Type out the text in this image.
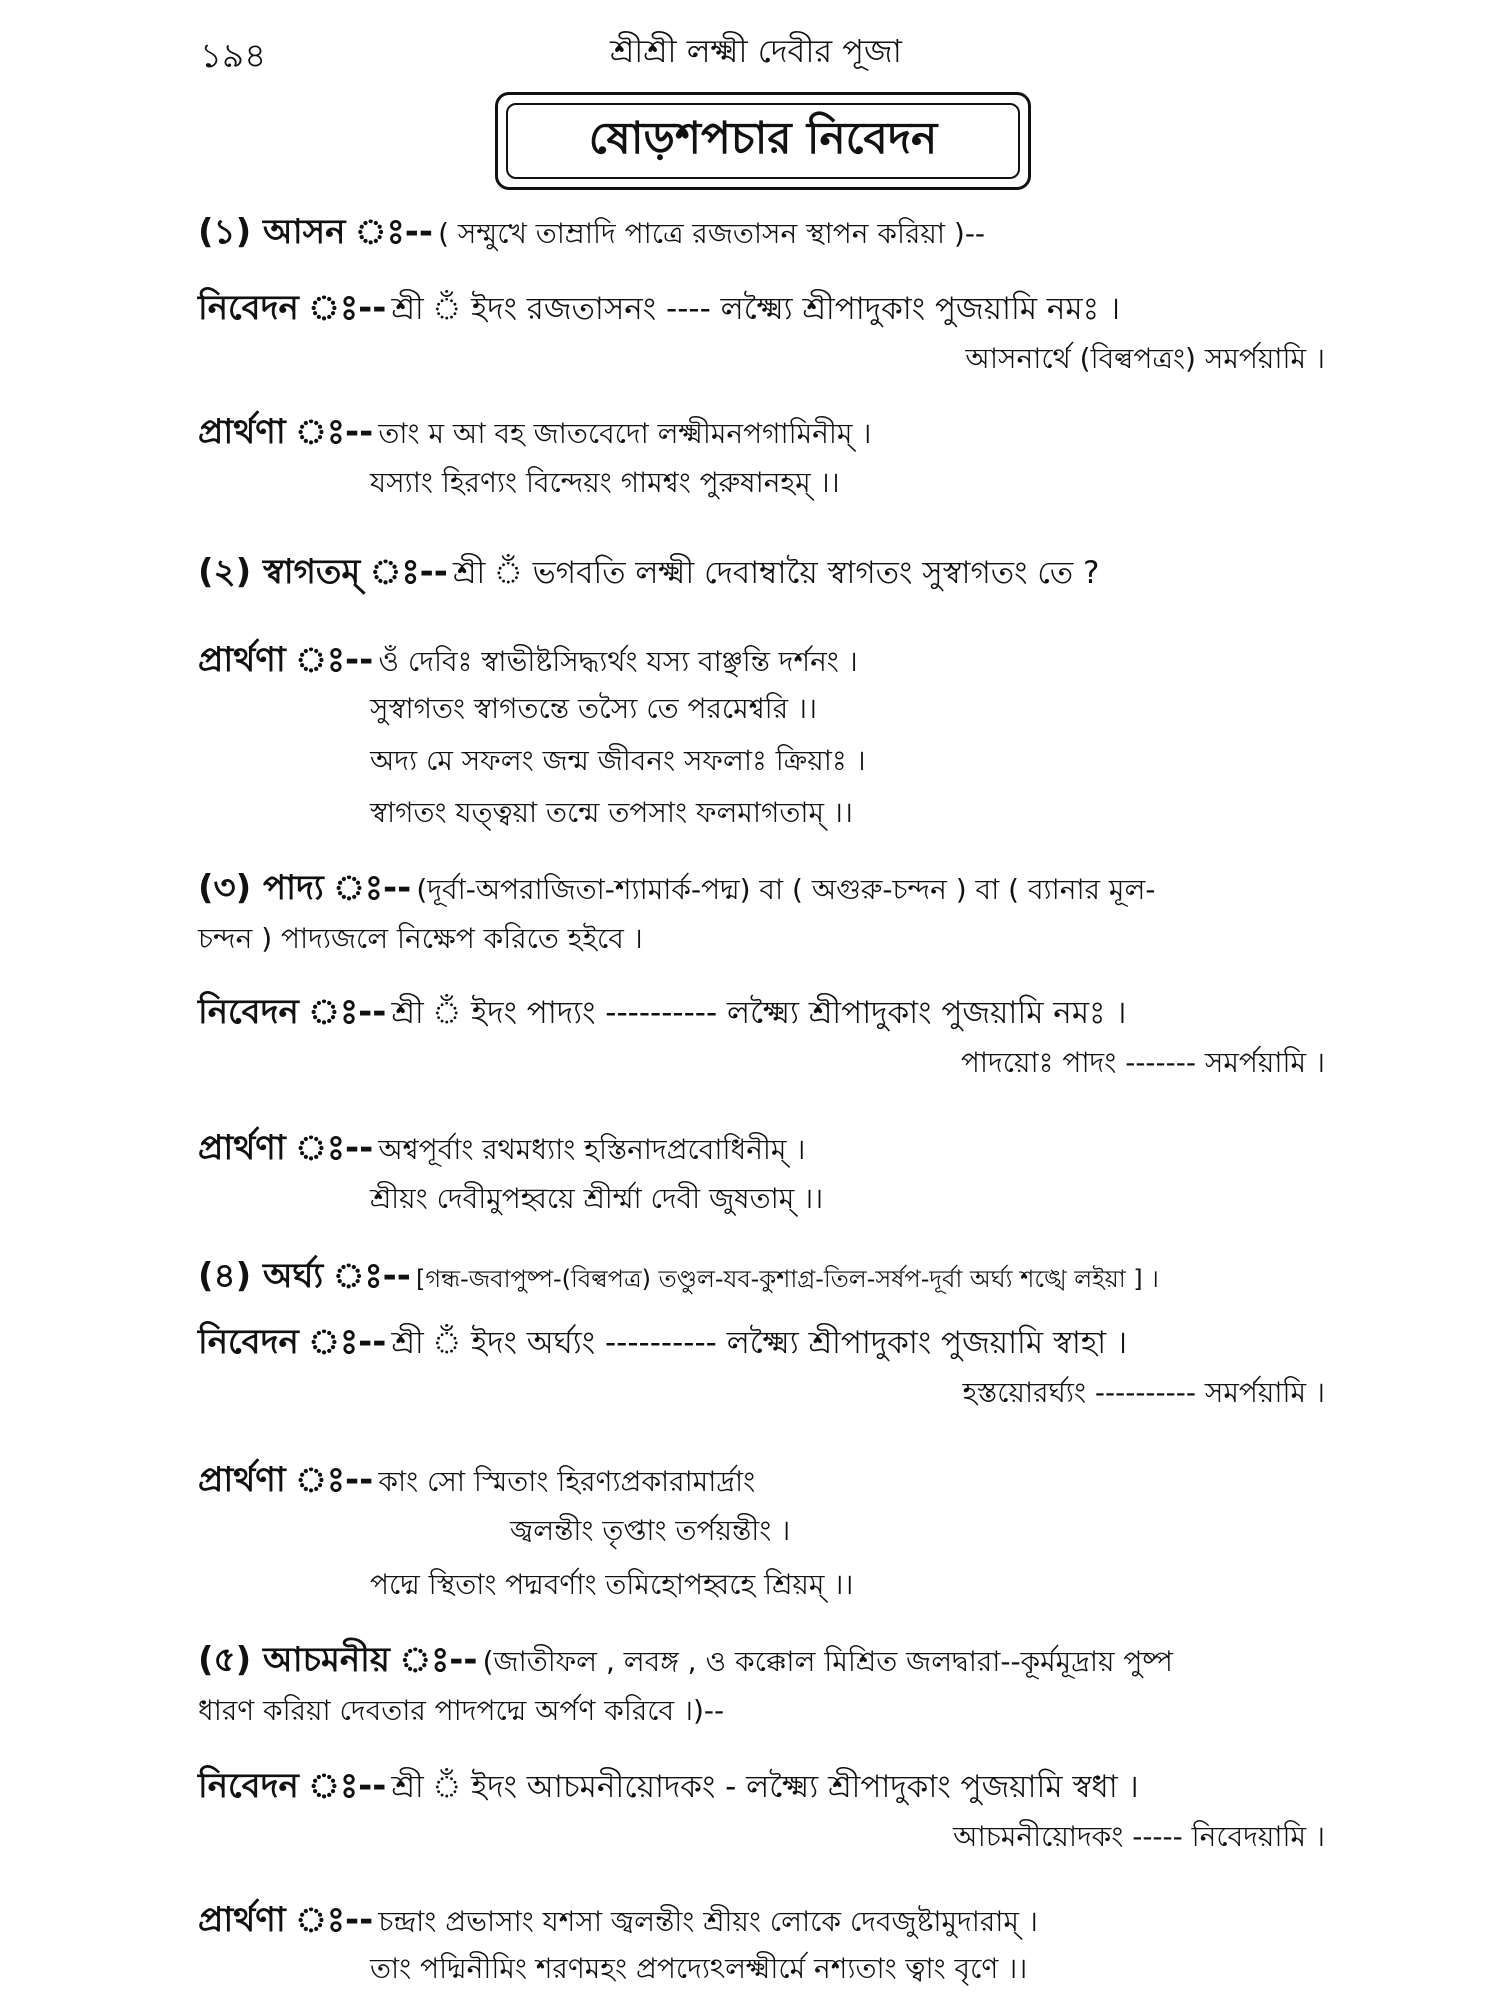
১৯৪	শ্রীশ্রী লক্ষ্মী দেবীর পূজা
ষোড়শপচার নিবেদন
(১) আসন ঃ-- ( সম্মুখে তাম্রাদি পাত্রে রজতাসন স্থাপন করিয়া )--
নিবেদন ঃ-- শ্রী ঁ ইদং রজতাসনং ---- লক্ষ্ম্যৈ শ্রীপাদুকাং পুজয়ামি নমঃ ।
আসনার্থে (বিল্বপত্রং) সমর্পয়ামি ।
প্রার্থণা ঃ-- তাং ম আ বহ জাতবেদো লক্ষ্মীমনপগামিনীম্ ।
যস্যাং হিরণ্যং বিন্দেয়ং গামশ্বং পুরুষানহম্ ।।
(২) স্বাগতম্ ঃ-- শ্রী ঁ ভগবতি লক্ষ্মী দেবাম্বায়ৈ স্বাগতং সুস্বাগতং তে ?
প্রার্থণা ঃ-- ওঁ দেবিঃ স্বাভীষ্টসিদ্ধ্যর্থং যস্য বাঞ্ছন্তি দর্শনং ।
সুস্বাগতং স্বাগতন্তে তস্যৈ তে পরমেশ্বরি ।।
অদ্য মে সফলং জন্ম জীবনং সফলাঃ ক্রিয়াঃ ।
স্বাগতং যত্ত্বয়া তন্মে তপসাং ফলমাগতাম্ ।।
(৩) পাদ্য ঃ-- (দূর্বা-অপরাজিতা-শ্যামার্ক-পদ্ম) বা ( অগুরু-চন্দন ) বা ( ব্যানার মূল-
চন্দন ) পাদ্যজলে নিক্ষেপ করিতে হইবে ।
নিবেদন ঃ-- শ্রী ঁ ইদং পাদ্যং ---------- লক্ষ্ম্যৈ শ্রীপাদুকাং পুজয়ামি নমঃ ।
পাদয়োঃ পাদং ------- সমর্পয়ামি ।
প্রার্থণা ঃ-- অশ্বপূর্বাং রথমধ্যাং হস্তিনাদপ্রবোধিনীম্ ।
শ্রীয়ং দেবীমুপহ্বয়ে শ্রীর্ম্মা দেবী জুষতাম্ ।।
(৪) অর্ঘ্য ঃ-- [গন্ধ-জবাপুষ্প-(বিল্বপত্র) তণ্ডুল-যব-কুশাগ্র-তিল-সর্ষপ-দূর্বা অর্ঘ্য শঙ্খে লইয়া ] ।
নিবেদন ঃ-- শ্রী ঁ ইদং অর্ঘ্যং ---------- লক্ষ্ম্যৈ শ্রীপাদুকাং পুজয়ামি স্বাহা ।
হস্তয়োরর্ঘ্যং ---------- সমর্পয়ামি ।
প্রার্থণা ঃ-- কাং সো স্মিতাং হিরণ্যপ্রকারামার্দ্রাং
জ্বলন্তীং তৃপ্তাং তর্পয়ন্তীং ।
পদ্মে স্থিতাং পদ্মবর্ণাং তমিহোপহ্বহে শ্রিয়ম্ ।।
(৫) আচমনীয় ঃ-- (জাতীফল , লবঙ্গ , ও কক্কোল মিশ্রিত জলদ্বারা--কূর্মমূদ্রায় পুষ্প
ধারণ করিয়া দেবতার পাদপদ্মে অর্পণ করিবে ।)--
নিবেদন ঃ-- শ্রী ঁ ইদং আচমনীয়োদকং - লক্ষ্ম্যৈ শ্রীপাদুকাং পুজয়ামি স্বধা ।
আচমনীয়োদকং ----- নিবেদয়ামি ।
প্রার্থণা ঃ-- চন্দ্রাং প্রভাসাং যশসা জ্বলন্তীং শ্রীয়ং লোকে দেবজুষ্টামুদারাম্ ।
তাং পদ্মিনীমিং শরণমহং প্রপদ্যেঽলক্ষ্মীর্মে নশ্যতাং ত্বাং বৃণে ।।
